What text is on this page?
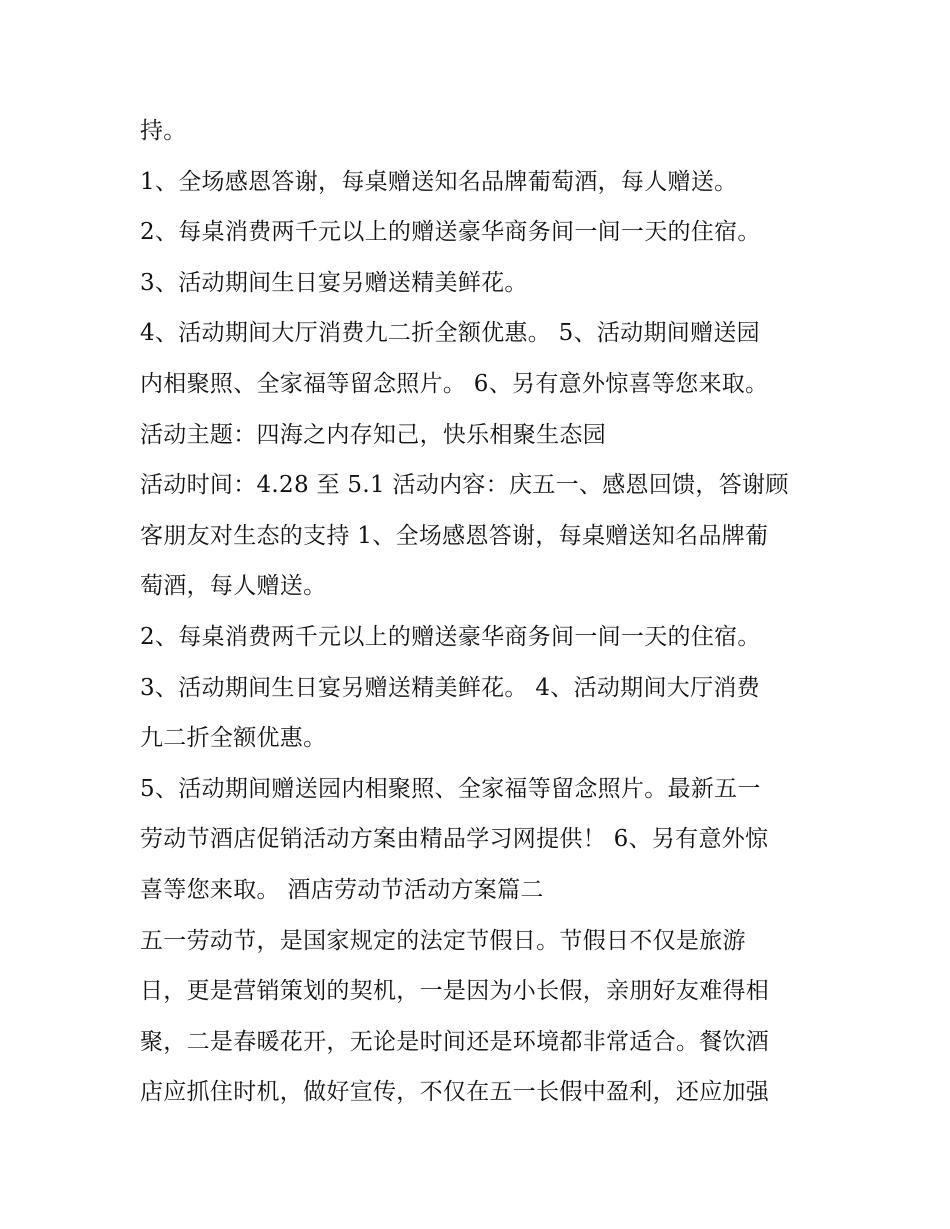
持。
1、全场感恩答谢，每桌赠送知名品牌葡萄酒，每人赠送。
2、每桌消费两千元以上的赠送豪华商务间一间一天的住宿。
3、活动期间生日宴另赠送精美鲜花。
4、活动期间大厅消费九二折全额优惠。 5、活动期间赠送园
内相聚照、全家福等留念照片。 6、另有意外惊喜等您来取。
活动主题：四海之内存知己，快乐相聚生态园
活动时间：4.28 至 5.1 活动内容：庆五一、感恩回馈，答谢顾
客朋友对生态的支持 1、全场感恩答谢，每桌赠送知名品牌葡
萄酒，每人赠送。
2、每桌消费两千元以上的赠送豪华商务间一间一天的住宿。
3、活动期间生日宴另赠送精美鲜花。 4、活动期间大厅消费
九二折全额优惠。
5、活动期间赠送园内相聚照、全家福等留念照片。最新五一
劳动节酒店促销活动方案由精品学习网提供！ 6、另有意外惊
喜等您来取。 酒店劳动节活动方案篇二
五一劳动节，是国家规定的法定节假日。节假日不仅是旅游
日，更是营销策划的契机，一是因为小长假，亲朋好友难得相
聚，二是春暖花开，无论是时间还是环境都非常适合。餐饮酒
店应抓住时机，做好宣传，不仅在五一长假中盈利，还应加强
